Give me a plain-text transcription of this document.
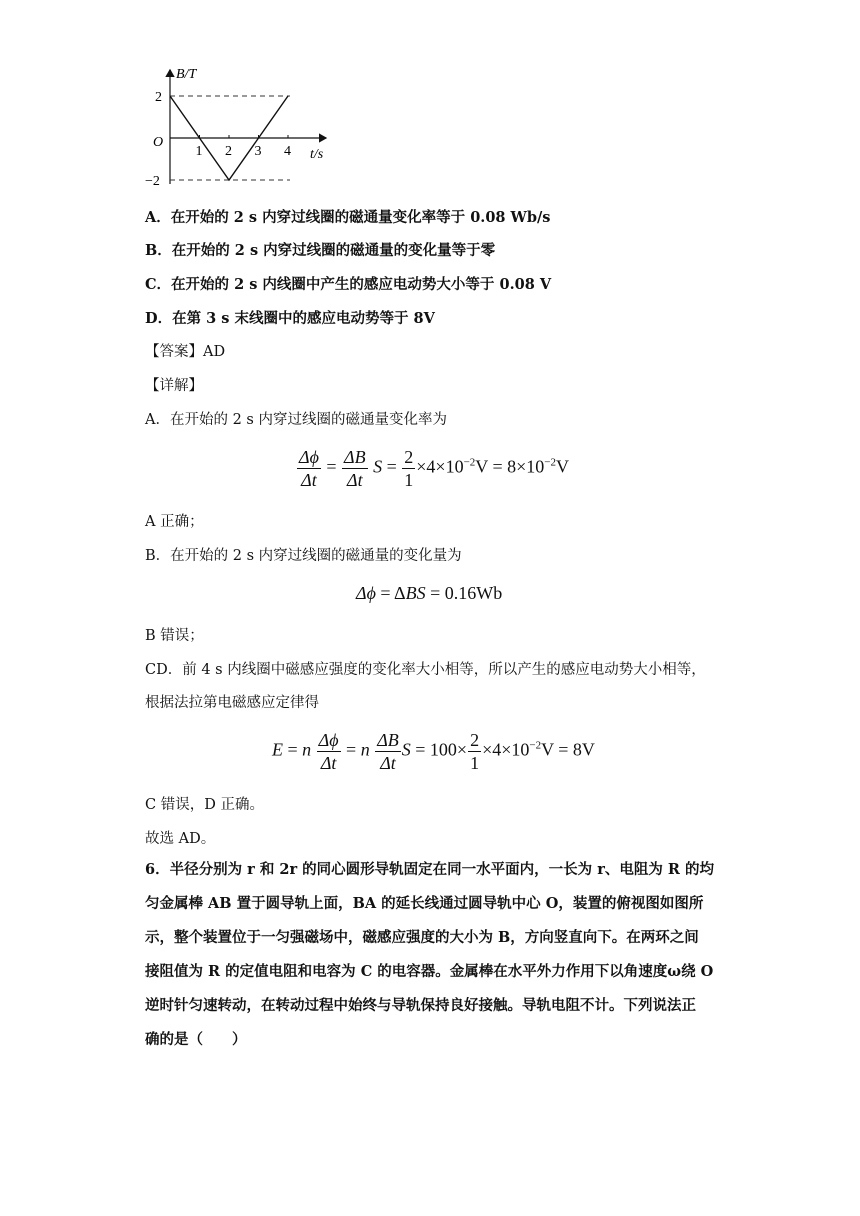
1 2 3 4
B/T
t/s
O
2
−2
A．在开始的 2 s 内穿过线圈的磁通量变化率等于 0.08 Wb/s
B．在开始的 2 s 内穿过线圈的磁通量的变化量等于零
C．在开始的 2 s 内线圈中产生的感应电动势大小等于 0.08 V
D．在第 3 s 末线圈中的感应电动势等于 8V
【答案】AD
【详解】
A．在开始的 2 s 内穿过线圈的磁通量变化率为
$\frac{\Delta\phi}{\Delta t} = \frac{\Delta B}{\Delta t}$ $S = \frac{2}{1} \times 4\times 10^{-2}V = 8\times 10^{-2}V$
A 正确；
B．在开始的 2 s 内穿过线圈的磁通量的变化量为
Δϕ = ΔBS = 0.16Wb
B 错误；
CD．前 4 s 内线圈中磁感应强度的变化率大小相等，所以产生的感应电动势大小相等，
根据法拉第电磁感应定律得
E = n $\frac{\Delta\phi}{\Delta t} = n \frac{\Delta B}{\Delta t}$ $S = 100\times \frac{2}{1} \times 4\times 10^{-2}V = 8V$
C 错误，D 正确。
故选 AD。
6．半径分别为 r 和 2r 的同心圆形导轨固定在同一水平面内，一长为 r、电阻为 R 的均
匀金属棒 AB 置于圆导轨上面，BA 的延长线通过圆导轨中心 O，装置的俯视图如图所
示，整个装置位于一匀强磁场中，磁感应强度的大小为 B，方向竖直向下。在两环之间
接阻值为 R 的定值电阻和电容为 C 的电容器。金属棒在水平外力作用下以角速度ω绕 O
逆时针匀速转动，在转动过程中始终与导轨保持良好接触。导轨电阻不计。下列说法正
确的是（　　）
